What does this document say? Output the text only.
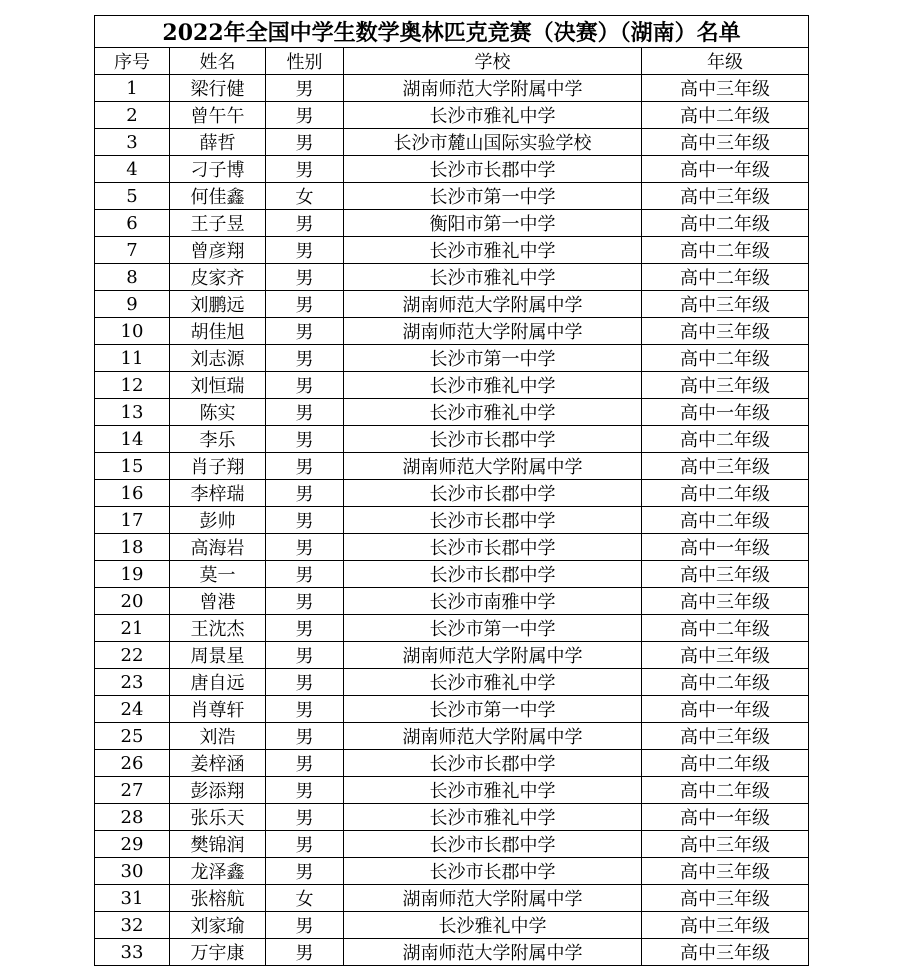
2022年全国中学生数学奥林匹克竞赛（决赛）（湖南）名单				
序号	姓名	性别	学校	年级
1	梁行健	男	湖南师范大学附属中学	高中三年级
2	曾午午	男	长沙市雅礼中学	高中二年级
3	薛哲	男	长沙市麓山国际实验学校	高中三年级
4	刁子博	男	长沙市长郡中学	高中一年级
5	何佳鑫	女	长沙市第一中学	高中三年级
6	王子昱	男	衡阳市第一中学	高中二年级
7	曾彦翔	男	长沙市雅礼中学	高中二年级
8	皮家齐	男	长沙市雅礼中学	高中二年级
9	刘鹏远	男	湖南师范大学附属中学	高中三年级
10	胡佳旭	男	湖南师范大学附属中学	高中三年级
11	刘志源	男	长沙市第一中学	高中二年级
12	刘恒瑞	男	长沙市雅礼中学	高中三年级
13	陈实	男	长沙市雅礼中学	高中一年级
14	李乐	男	长沙市长郡中学	高中二年级
15	肖子翔	男	湖南师范大学附属中学	高中三年级
16	李梓瑞	男	长沙市长郡中学	高中二年级
17	彭帅	男	长沙市长郡中学	高中二年级
18	高海岩	男	长沙市长郡中学	高中一年级
19	莫一	男	长沙市长郡中学	高中三年级
20	曾港	男	长沙市南雅中学	高中三年级
21	王沈杰	男	长沙市第一中学	高中二年级
22	周景星	男	湖南师范大学附属中学	高中三年级
23	唐自远	男	长沙市雅礼中学	高中二年级
24	肖尊轩	男	长沙市第一中学	高中一年级
25	刘浩	男	湖南师范大学附属中学	高中三年级
26	姜梓涵	男	长沙市长郡中学	高中二年级
27	彭添翔	男	长沙市雅礼中学	高中二年级
28	张乐天	男	长沙市雅礼中学	高中一年级
29	樊锦润	男	长沙市长郡中学	高中三年级
30	龙泽鑫	男	长沙市长郡中学	高中三年级
31	张榕航	女	湖南师范大学附属中学	高中三年级
32	刘家瑜	男	长沙雅礼中学	高中三年级
33	万宇康	男	湖南师范大学附属中学	高中三年级
